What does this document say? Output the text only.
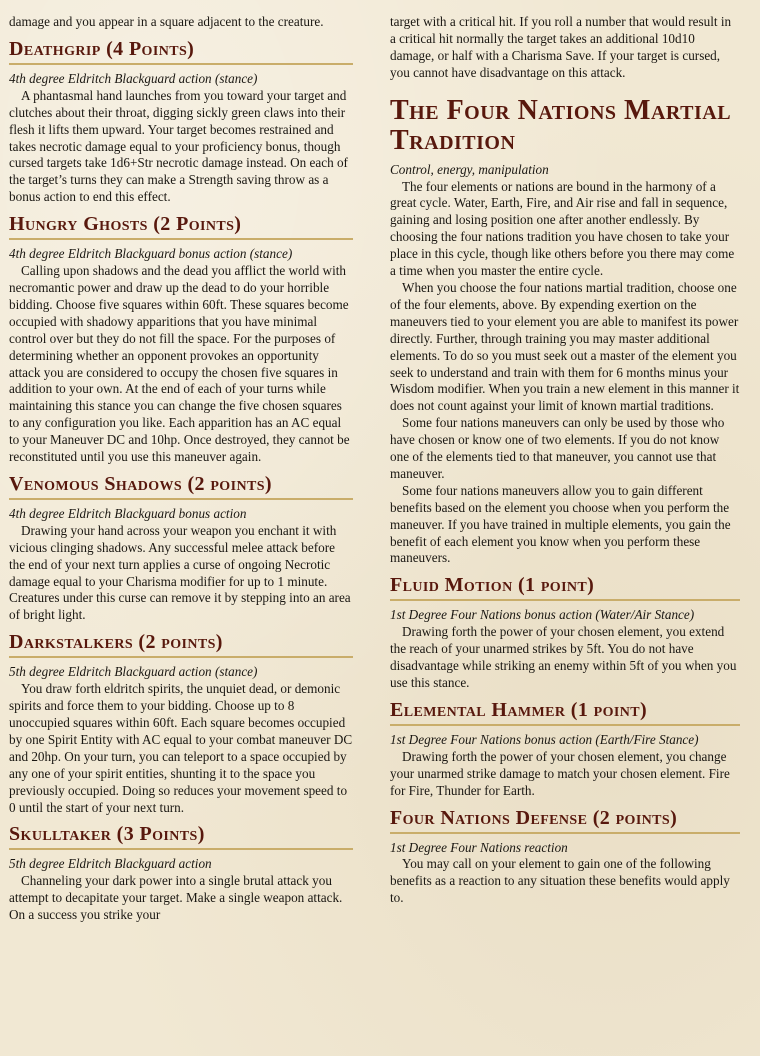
damage and you appear in a square adjacent to the creature.

Deathgrip (4 Points)

4th degree Eldritch Blackguard action (stance)

A phantasmal hand launches from you toward your target and clutches about their throat, digging sickly green claws into their flesh it lifts them upward. Your target becomes restrained and takes necrotic damage equal to your proficiency bonus, though cursed targets take 1d6+Str necrotic damage instead. On each of the target’s turns they can make a Strength saving throw as a bonus action to end this effect.

Hungry Ghosts (2 Points)

4th degree Eldritch Blackguard bonus action (stance)

Calling upon shadows and the dead you afflict the world with necromantic power and draw up the dead to do your horrible bidding. Choose five squares within 60ft. These squares become occupied with shadowy apparitions that you have minimal control over but they do not fill the space. For the purposes of determining whether an opponent provokes an opportunity attack you are considered to occupy the chosen five squares in addition to your own. At the end of each of your turns while maintaining this stance you can change the five chosen squares to any configuration you like. Each apparition has an AC equal to your Maneuver DC and 10hp. Once destroyed, they cannot be reconstituted until you use this maneuver again.

Venomous Shadows (2 points)

4th degree Eldritch Blackguard bonus action

Drawing your hand across your weapon you enchant it with vicious clinging shadows. Any successful melee attack before the end of your next turn applies a curse of ongoing Necrotic damage equal to your Charisma modifier for up to 1 minute. Creatures under this curse can remove it by stepping into an area of bright light.

Darkstalkers (2 points)

5th degree Eldritch Blackguard action (stance)

You draw forth eldritch spirits, the unquiet dead, or demonic spirits and force them to your bidding. Choose up to 8 unoccupied squares within 60ft. Each square becomes occupied by one Spirit Entity with AC equal to your combat maneuver DC and 20hp. On your turn, you can teleport to a space occupied by any one of your spirit entities, shunting it to the space you previously occupied. Doing so reduces your movement speed to 0 until the start of your next turn.

Skulltaker (3 Points)

5th degree Eldritch Blackguard action

Channeling your dark power into a single brutal attack you attempt to decapitate your target. Make a single weapon attack. On a success you strike your

target with a critical hit. If you roll a number that would result in a critical hit normally the target takes an additional 10d10 damage, or half with a Charisma Save. If your target is cursed, you cannot have disadvantage on this attack.

The Four Nations Martial Tradition

Control, energy, manipulation

The four elements or nations are bound in the harmony of a great cycle. Water, Earth, Fire, and Air rise and fall in sequence, gaining and losing position one after another endlessly. By choosing the four nations tradition you have chosen to take your place in this cycle, though like others before you there may come a time when you master the entire cycle.

When you choose the four nations martial tradition, choose one of the four elements, above. By expending exertion on the maneuvers tied to your element you are able to manifest its power directly. Further, through training you may master additional elements. To do so you must seek out a master of the element you seek to understand and train with them for 6 months minus your Wisdom modifier. When you train a new element in this manner it does not count against your limit of known martial traditions.

Some four nations maneuvers can only be used by those who have chosen or know one of two elements. If you do not know one of the elements tied to that maneuver, you cannot use that maneuver.

Some four nations maneuvers allow you to gain different benefits based on the element you choose when you perform the maneuver. If you have trained in multiple elements, you gain the benefit of each element you know when you perform these maneuvers.

Fluid Motion (1 point)

1st Degree Four Nations bonus action (Water/Air Stance)

Drawing forth the power of your chosen element, you extend the reach of your unarmed strikes by 5ft. You do not have disadvantage while striking an enemy within 5ft of you when you use this stance.

Elemental Hammer (1 point)

1st Degree Four Nations bonus action (Earth/Fire Stance)

Drawing forth the power of your chosen element, you change your unarmed strike damage to match your chosen element. Fire for Fire, Thunder for Earth.

Four Nations Defense (2 points)

1st Degree Four Nations reaction

You may call on your element to gain one of the following benefits as a reaction to any situation these benefits would apply to.
